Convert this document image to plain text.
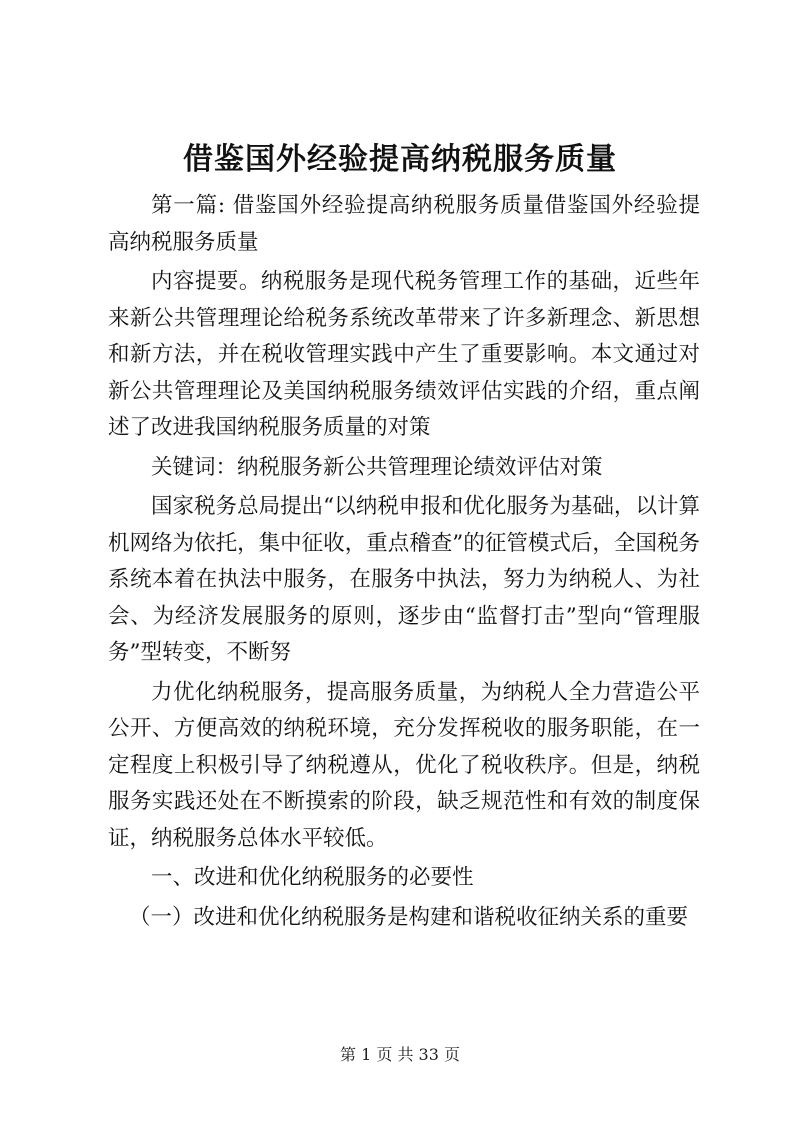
借鉴国外经验提高纳税服务质量

第一篇: 借鉴国外经验提高纳税服务质量借鉴国外经验提高纳税服务质量

内容提要。纳税服务是现代税务管理工作的基础，近些年来新公共管理理论给税务系统改革带来了许多新理念、新思想和新方法，并在税收管理实践中产生了重要影响。本文通过对新公共管理理论及美国纳税服务绩效评估实践的介绍，重点阐述了改进我国纳税服务质量的对策

关键词：纳税服务新公共管理理论绩效评估对策

国家税务总局提出“以纳税申报和优化服务为基础，以计算机网络为依托，集中征收，重点稽查”的征管模式后，全国税务系统本着在执法中服务，在服务中执法，努力为纳税人、为社会、为经济发展服务的原则，逐步由“监督打击”型向“管理服务”型转变，不断努

力优化纳税服务，提高服务质量，为纳税人全力营造公平公开、方便高效的纳税环境，充分发挥税收的服务职能，在一定程度上积极引导了纳税遵从，优化了税收秩序。但是，纳税服务实践还处在不断摸索的阶段，缺乏规范性和有效的制度保证，纳税服务总体水平较低。

一、改进和优化纳税服务的必要性

（一）改进和优化纳税服务是构建和谐税收征纳关系的重要

第 1 页 共 33 页
